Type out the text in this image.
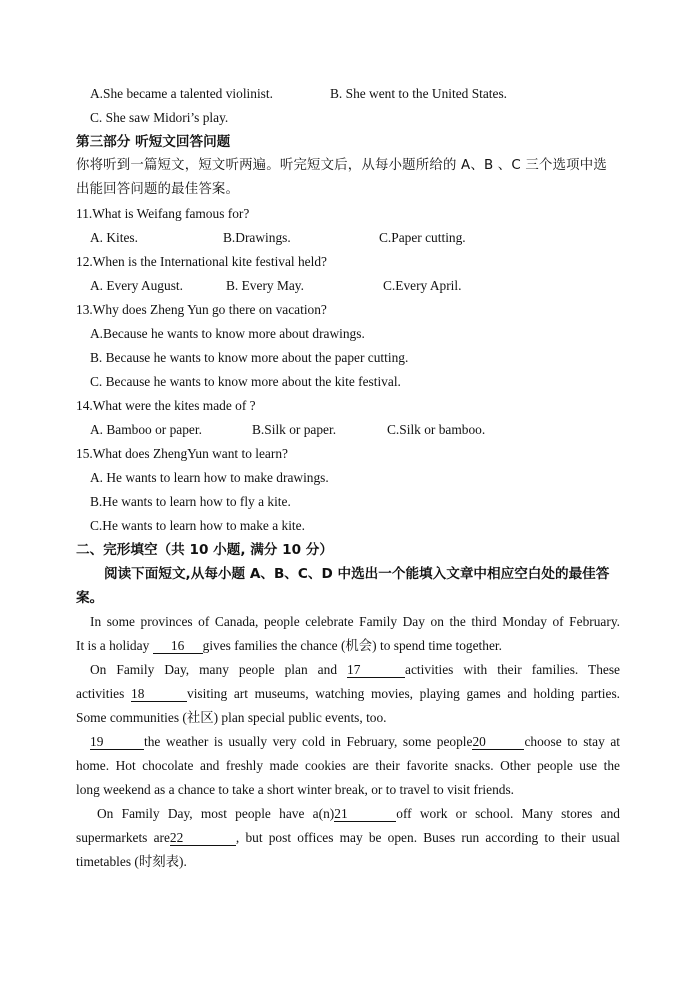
A.She became a talented violinist.	B. She went to the United States.
C. She saw Midori’s play.
第三部分 听短文回答问题
你将听到一篇短文，短文听两遍。听完短文后，从每小题所给的 A、B 、C 三个选项中选
出能回答问题的最佳答案。
11.What is Weifang famous for?
A. Kites.	B.Drawings.	C.Paper cutting.
12.When is the International kite festival held?
A. Every August.	B. Every May.	C.Every April.
13.Why does Zheng Yun go there on vacation?
A.Because he wants to know more about drawings.
B. Because he wants to know more about the paper cutting.
C. Because he wants to know more about the kite festival.
14.What were the kites made of ?
A. Bamboo or paper.	B.Silk or paper.	C.Silk or bamboo.
15.What does ZhengYun want to learn?
A. He wants to learn how to make drawings.
B.He wants to learn how to fly a kite.
C.He wants to learn how to make a kite.
二、完形填空（共 10 小题, 满分 10 分）
阅读下面短文,从每小题 A、B、C、D 中选出一个能填入文章中相应空白处的最佳答
案。
In some provinces of Canada, people celebrate Family Day on the third Monday of February.
It is a holiday 16 gives families the chance (机会) to spend time together.
On Family Day, many people plan and 17	activities with their families. These
activities 18	visiting art museums, watching movies, playing games and holding parties.
Some communities (社区) plan special public events, too.
19	the weather is usually very cold in February, some people20	choose to stay at
home. Hot chocolate and freshly made cookies are their favorite snacks. Other people use the
long weekend as a chance to take a short winter break, or to travel to visit friends.
On Family Day, most people have a(n)21	off work or school. Many stores and
supermarkets are22	, but post offices may be open. Buses run according to their usual
timetables (时刻表).
